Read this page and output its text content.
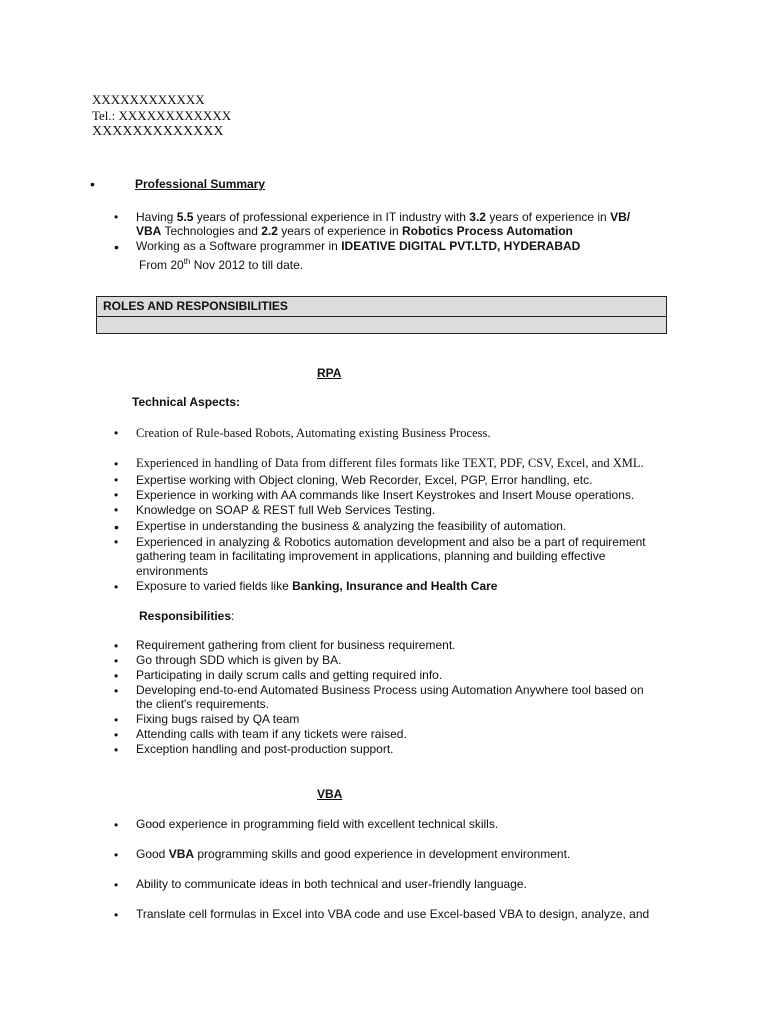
XXXXXXXXXXXX
Tel.: XXXXXXXXXXXX
XXXXXXXXXXXXX
•	Professional Summary
• Having 5.5 years of professional experience in IT industry with 3.2 years of experience in VB/
VBA Technologies and 2.2 years of experience in Robotics Process Automation
• Working as a Software programmer in IDEATIVE DIGITAL PVT.LTD, HYDERABAD
From 20th Nov 2012 to till date.
ROLES AND RESPONSIBILITIES
RPA
Technical Aspects:
• Creation of Rule-based Robots, Automating existing Business Process.
• Experienced in handling of Data from different files formats like TEXT, PDF, CSV, Excel, and XML.
• Expertise working with Object cloning, Web Recorder, Excel, PGP, Error handling, etc.
• Experience in working with AA commands like Insert Keystrokes and Insert Mouse operations.
• Knowledge on SOAP & REST full Web Services Testing.
• Expertise in understanding the business & analyzing the feasibility of automation.
• Experienced in analyzing & Robotics automation development and also be a part of requirement
gathering team in facilitating improvement in applications, planning and building effective
environments
• Exposure to varied fields like Banking, Insurance and Health Care
Responsibilities:
• Requirement gathering from client for business requirement.
• Go through SDD which is given by BA.
• Participating in daily scrum calls and getting required info.
• Developing end-to-end Automated Business Process using Automation Anywhere tool based on
the client's requirements.
• Fixing bugs raised by QA team
• Attending calls with team if any tickets were raised.
• Exception handling and post-production support.
VBA
• Good experience in programming field with excellent technical skills.
• Good VBA programming skills and good experience in development environment.
• Ability to communicate ideas in both technical and user-friendly language.
• Translate cell formulas in Excel into VBA code and use Excel-based VBA to design, analyze, and
